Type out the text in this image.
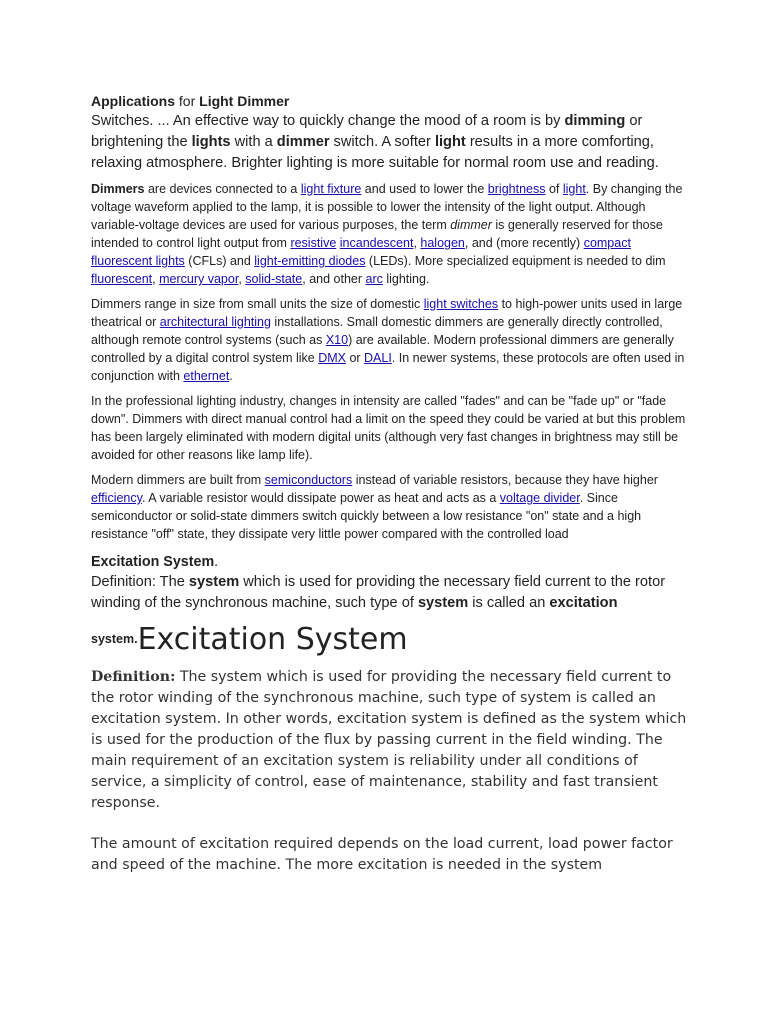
Applications for Light Dimmer

Switches. ... An effective way to quickly change the mood of a room is by dimming or brightening the lights with a dimmer switch. A softer light results in a more comforting, relaxing atmosphere. Brighter lighting is more suitable for normal room use and reading.

Dimmers are devices connected to a light fixture and used to lower the brightness of light. By changing the voltage waveform applied to the lamp, it is possible to lower the intensity of the light output. Although variable-voltage devices are used for various purposes, the term dimmer is generally reserved for those intended to control light output from resistive incandescent, halogen, and (more recently) compact fluorescent lights (CFLs) and light-emitting diodes (LEDs). More specialized equipment is needed to dim fluorescent, mercury vapor, solid-state, and other arc lighting.

Dimmers range in size from small units the size of domestic light switches to high-power units used in large theatrical or architectural lighting installations. Small domestic dimmers are generally directly controlled, although remote control systems (such as X10) are available. Modern professional dimmers are generally controlled by a digital control system like DMX or DALI. In newer systems, these protocols are often used in conjunction with ethernet.

In the professional lighting industry, changes in intensity are called "fades" and can be "fade up" or "fade down". Dimmers with direct manual control had a limit on the speed they could be varied at but this problem has been largely eliminated with modern digital units (although very fast changes in brightness may still be avoided for other reasons like lamp life).

Modern dimmers are built from semiconductors instead of variable resistors, because they have higher efficiency. A variable resistor would dissipate power as heat and acts as a voltage divider. Since semiconductor or solid-state dimmers switch quickly between a low resistance "on" state and a high resistance "off" state, they dissipate very little power compared with the controlled load

Excitation System.

Definition: The system which is used for providing the necessary field current to the rotor winding of the synchronous machine, such type of system is called an excitation

system.Excitation System

Definition: The system which is used for providing the necessary field current to the rotor winding of the synchronous machine, such type of system is called an excitation system. In other words, excitation system is defined as the system which is used for the production of the flux by passing current in the field winding. The main requirement of an excitation system is reliability under all conditions of service, a simplicity of control, ease of maintenance, stability and fast transient response.

The amount of excitation required depends on the load current, load power factor and speed of the machine. The more excitation is needed in the system
